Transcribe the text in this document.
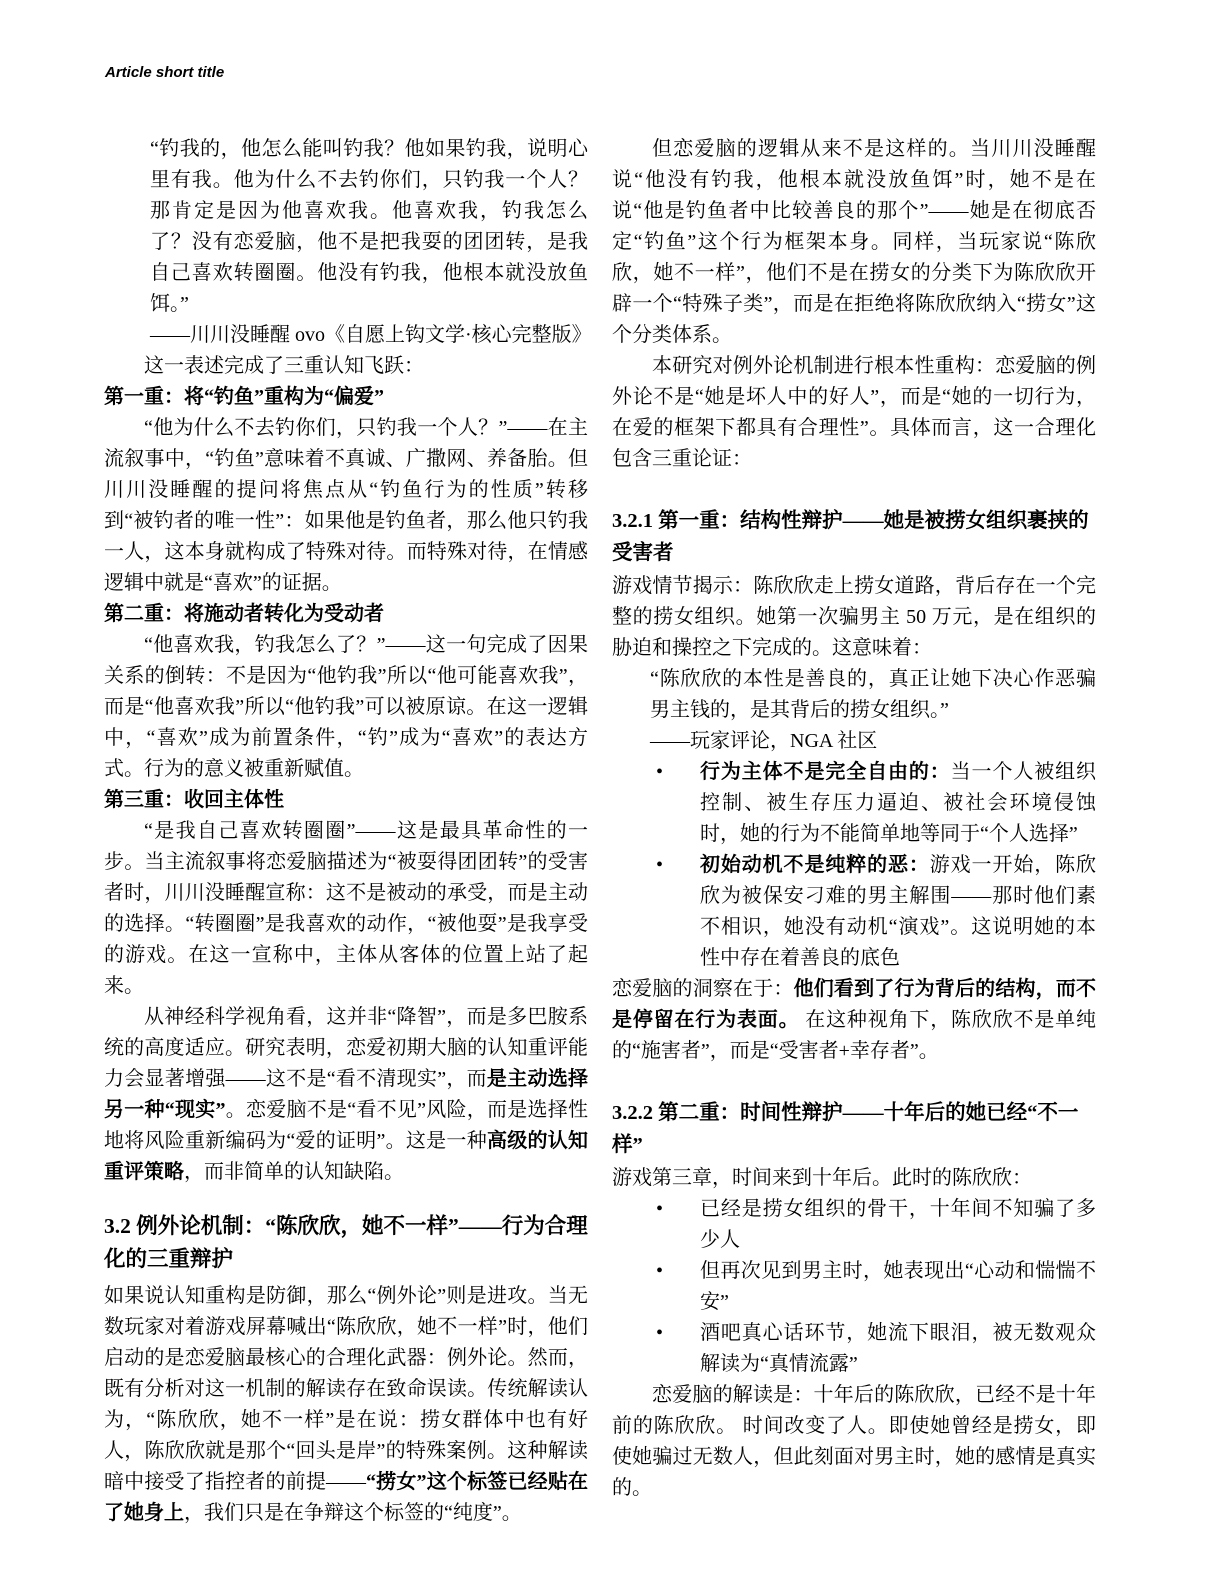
Article short title

“钓我的，他怎么能叫钓我？他如果钓我，说明心里有我。他为什么不去钓你们，只钓我一个人？那肯定是因为他喜欢我。他喜欢我，钓我怎么了？没有恋爱脑，他不是把我耍的团团转，是我自己喜欢转圈圈。他没有钓我，他根本就没放鱼饵。”

——川川没睡醒 ovo《自愿上钩文学·核心完整版》

这一表述完成了三重认知飞跃：

第一重：将“钓鱼”重构为“偏爱”

“他为什么不去钓你们，只钓我一个人？”——在主流叙事中，“钓鱼”意味着不真诚、广撒网、养备胎。但川川没睡醒的提问将焦点从“钓鱼行为的性质”转移到“被钓者的唯一性”：如果他是钓鱼者，那么他只钓我一人，这本身就构成了特殊对待。而特殊对待，在情感逻辑中就是“喜欢”的证据。

第二重：将施动者转化为受动者

“他喜欢我，钓我怎么了？”——这一句完成了因果关系的倒转：不是因为“他钓我”所以“他可能喜欢我”，而是“他喜欢我”所以“他钓我”可以被原谅。在这一逻辑中，“喜欢”成为前置条件，“钓”成为“喜欢”的表达方式。行为的意义被重新赋值。

第三重：收回主体性

“是我自己喜欢转圈圈”——这是最具革命性的一步。当主流叙事将恋爱脑描述为“被耍得团团转”的受害者时，川川没睡醒宣称：这不是被动的承受，而是主动的选择。“转圈圈”是我喜欢的动作，“被他耍”是我享受的游戏。在这一宣称中，主体从客体的位置上站了起来。

从神经科学视角看，这并非“降智”，而是多巴胺系统的高度适应。研究表明，恋爱初期大脑的认知重评能力会显著增强——这不是“看不清现实”，而是主动选择另一种“现实”。恋爱脑不是“看不见”风险，而是选择性地将风险重新编码为“爱的证明”。这是一种高级的认知重评策略，而非简单的认知缺陷。

3.2 例外论机制：“陈欣欣，她不一样”——行为合理化的三重辩护

如果说认知重构是防御，那么“例外论”则是进攻。当无数玩家对着游戏屏幕喊出“陈欣欣，她不一样”时，他们启动的是恋爱脑最核心的合理化武器：例外论。然而，既有分析对这一机制的解读存在致命误读。传统解读认为，“陈欣欣，她不一样”是在说：捞女群体中也有好人，陈欣欣就是那个“回头是岸”的特殊案例。这种解读暗中接受了指控者的前提——“捞女”这个标签已经贴在了她身上，我们只是在争辩这个标签的“纯度”。

但恋爱脑的逻辑从来不是这样的。当川川没睡醒说“他没有钓我，他根本就没放鱼饵”时，她不是在说“他是钓鱼者中比较善良的那个”——她是在彻底否定“钓鱼”这个行为框架本身。同样，当玩家说“陈欣欣，她不一样”，他们不是在捞女的分类下为陈欣欣开辟一个“特殊子类”，而是在拒绝将陈欣欣纳入“捞女”这个分类体系。

本研究对例外论机制进行根本性重构：恋爱脑的例外论不是“她是坏人中的好人”，而是“她的一切行为，在爱的框架下都具有合理性”。具体而言，这一合理化包含三重论证：

3.2.1 第一重：结构性辩护——她是被捞女组织裹挟的受害者

游戏情节揭示：陈欣欣走上捞女道路，背后存在一个完整的捞女组织。她第一次骗男主 50 万元，是在组织的胁迫和操控之下完成的。这意味着：

“陈欣欣的本性是善良的，真正让她下决心作恶骗男主钱的，是其背后的捞女组织。”

——玩家评论，NGA 社区

• 行为主体不是完全自由的：当一个人被组织控制、被生存压力逼迫、被社会环境侵蚀时，她的行为不能简单地等同于“个人选择”
• 初始动机不是纯粹的恶：游戏一开始，陈欣欣为被保安刁难的男主解围——那时他们素不相识，她没有动机“演戏”。这说明她的本性中存在着善良的底色

恋爱脑的洞察在于：他们看到了行为背后的结构，而不是停留在行为表面。 在这种视角下，陈欣欣不是单纯的“施害者”，而是“受害者+幸存者”。

3.2.2 第二重：时间性辩护——十年后的她已经“不一样”

游戏第三章，时间来到十年后。此时的陈欣欣：

• 已经是捞女组织的骨干，十年间不知骗了多少人
• 但再次见到男主时，她表现出“心动和惴惴不安”
• 酒吧真心话环节，她流下眼泪，被无数观众解读为“真情流露”

恋爱脑的解读是：十年后的陈欣欣，已经不是十年前的陈欣欣。 时间改变了人。即使她曾经是捞女，即使她骗过无数人，但此刻面对男主时，她的感情是真实的。
